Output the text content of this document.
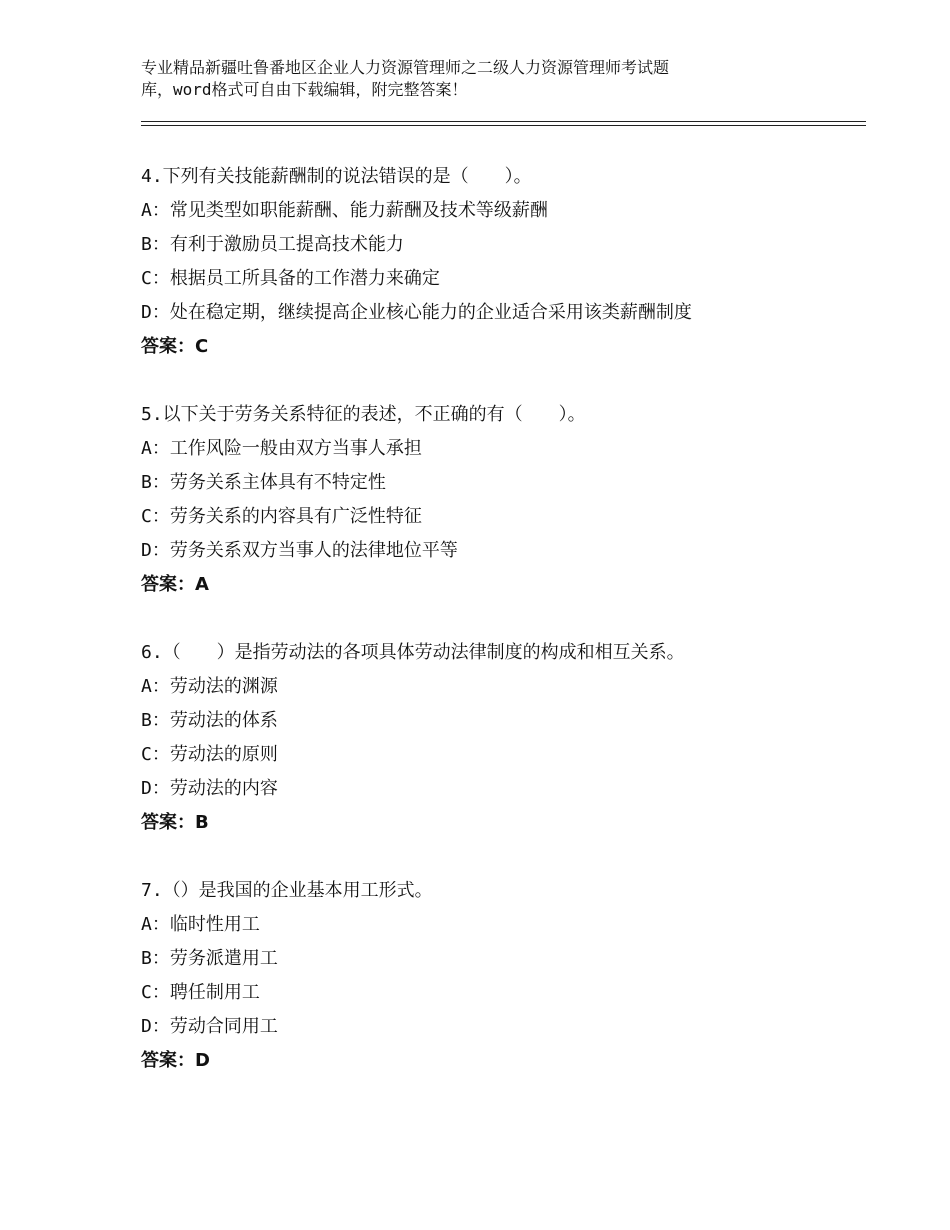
专业精品新疆吐鲁番地区企业人力资源管理师之二级人力资源管理师考试题
库，word格式可自由下载编辑，附完整答案！
4.下列有关技能薪酬制的说法错误的是（　　）。
A：常见类型如职能薪酬、能力薪酬及技术等级薪酬
B：有利于激励员工提高技术能力
C：根据员工所具备的工作潜力来确定
D：处在稳定期，继续提高企业核心能力的企业适合采用该类薪酬制度
答案：C
5.以下关于劳务关系特征的表述，不正确的有（　　）。
A：工作风险一般由双方当事人承担
B：劳务关系主体具有不特定性
C：劳务关系的内容具有广泛性特征
D：劳务关系双方当事人的法律地位平等
答案：A
6.（　　）是指劳动法的各项具体劳动法律制度的构成和相互关系。
A：劳动法的渊源
B：劳动法的体系
C：劳动法的原则
D：劳动法的内容
答案：B
7.（）是我国的企业基本用工形式。
A：临时性用工
B：劳务派遣用工
C：聘任制用工
D：劳动合同用工
答案：D
